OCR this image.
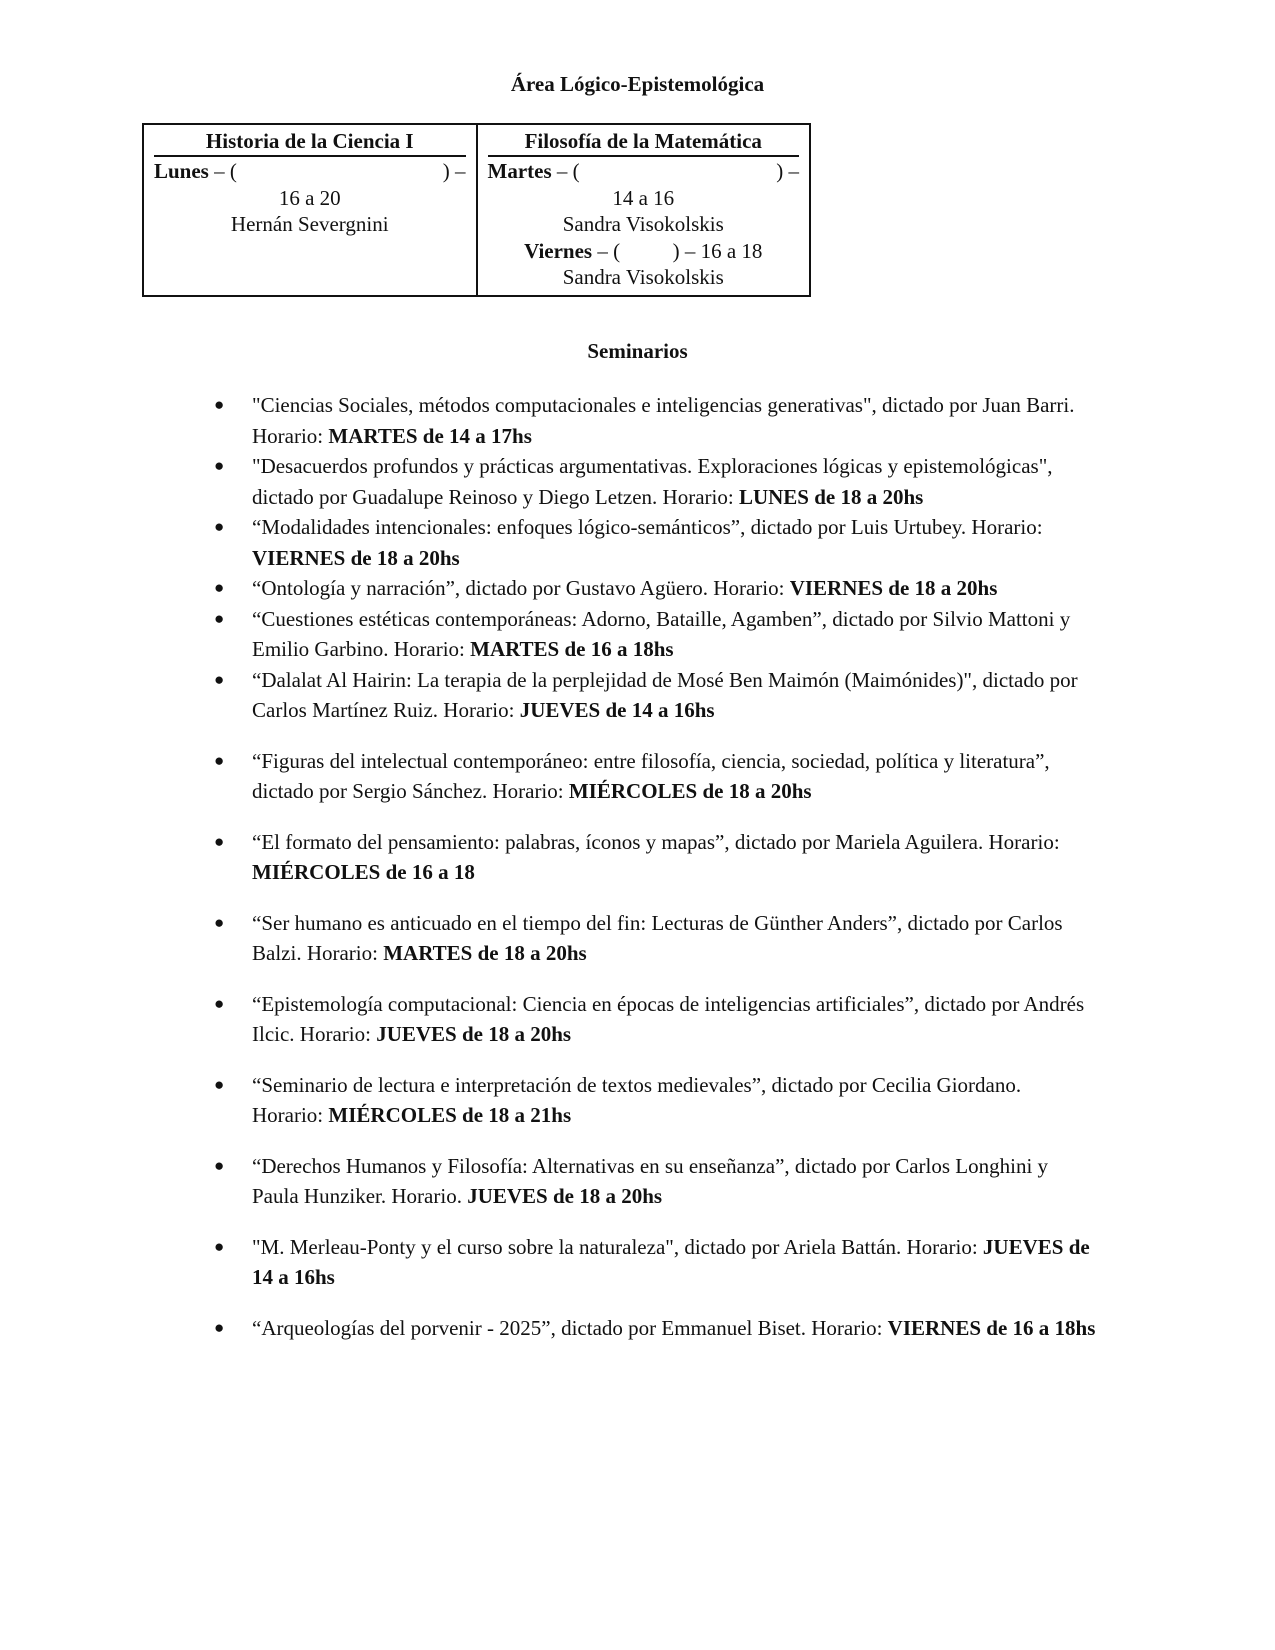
Área Lógico-Epistemológica
Historia de la Ciencia I
Lunes – (	) –
16 a 20
Hernán Severgnini

Filosofía de la Matemática
Martes – (	) –
14 a 16
Sandra Visokolskis
Viernes – (          ) – 16 a 18
Sandra Visokolskis
Seminarios
● "Ciencias Sociales, métodos computacionales e inteligencias generativas", dictado por Juan Barri. Horario: MARTES de 14 a 17hs
● "Desacuerdos profundos y prácticas argumentativas. Exploraciones lógicas y epistemológicas", dictado por Guadalupe Reinoso y Diego Letzen. Horario: LUNES de 18 a 20hs
● “Modalidades intencionales: enfoques lógico-semánticos”, dictado por Luis Urtubey. Horario: VIERNES de 18 a 20hs
● “Ontología y narración”, dictado por Gustavo Agüero. Horario: VIERNES de 18 a 20hs
● “Cuestiones estéticas contemporáneas: Adorno, Bataille, Agamben”, dictado por Silvio Mattoni y Emilio Garbino. Horario: MARTES de 16 a 18hs
● “Dalalat Al Hairin: La terapia de la perplejidad de Mosé Ben Maimón (Maimónides)", dictado por Carlos Martínez Ruiz. Horario: JUEVES de 14 a 16hs
● “Figuras del intelectual contemporáneo: entre filosofía, ciencia, sociedad, política y literatura”, dictado por Sergio Sánchez. Horario: MIÉRCOLES de 18 a 20hs
● “El formato del pensamiento: palabras, íconos y mapas”, dictado por Mariela Aguilera. Horario: MIÉRCOLES de 16 a 18
● “Ser humano es anticuado en el tiempo del fin: Lecturas de Günther Anders”, dictado por Carlos Balzi. Horario: MARTES de 18 a 20hs
● “Epistemología computacional: Ciencia en épocas de inteligencias artificiales”, dictado por Andrés Ilcic. Horario: JUEVES de 18 a 20hs
● “Seminario de lectura e interpretación de textos medievales”, dictado por Cecilia Giordano. Horario: MIÉRCOLES de 18 a 21hs
● “Derechos Humanos y Filosofía: Alternativas en su enseñanza”, dictado por Carlos Longhini y Paula Hunziker. Horario. JUEVES de 18 a 20hs
● "M. Merleau-Ponty y el curso sobre la naturaleza", dictado por Ariela Battán. Horario: JUEVES de 14 a 16hs
● “Arqueologías del porvenir - 2025”, dictado por Emmanuel Biset. Horario: VIERNES de 16 a 18hs
